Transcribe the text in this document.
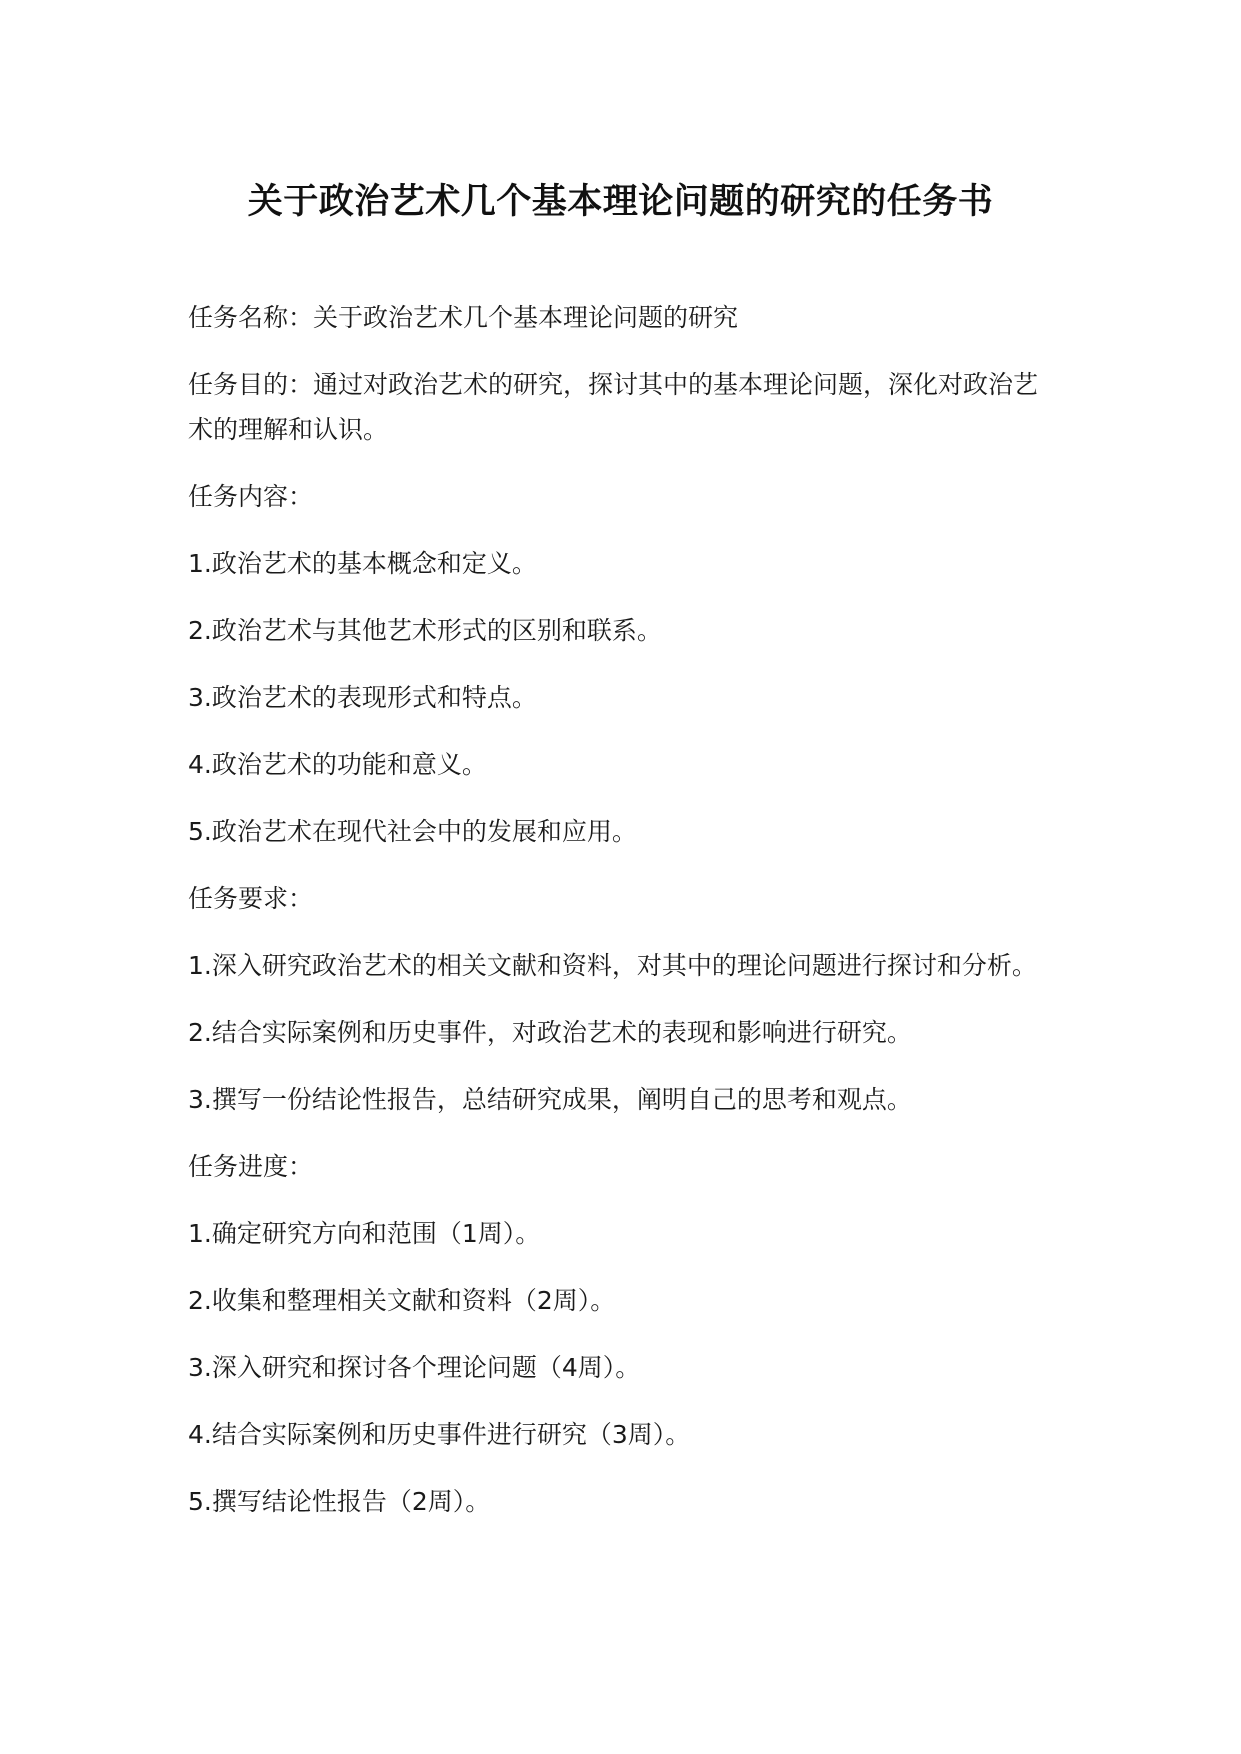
关于政治艺术几个基本理论问题的研究的任务书

任务名称：关于政治艺术几个基本理论问题的研究

任务目的：通过对政治艺术的研究，探讨其中的基本理论问题，深化对政治艺术的理解和认识。

任务内容：

1.政治艺术的基本概念和定义。

2.政治艺术与其他艺术形式的区别和联系。

3.政治艺术的表现形式和特点。

4.政治艺术的功能和意义。

5.政治艺术在现代社会中的发展和应用。

任务要求：

1.深入研究政治艺术的相关文献和资料，对其中的理论问题进行探讨和分析。

2.结合实际案例和历史事件，对政治艺术的表现和影响进行研究。

3.撰写一份结论性报告，总结研究成果，阐明自己的思考和观点。

任务进度：

1.确定研究方向和范围（1周）。

2.收集和整理相关文献和资料（2周）。

3.深入研究和探讨各个理论问题（4周）。

4.结合实际案例和历史事件进行研究（3周）。

5.撰写结论性报告（2周）。
